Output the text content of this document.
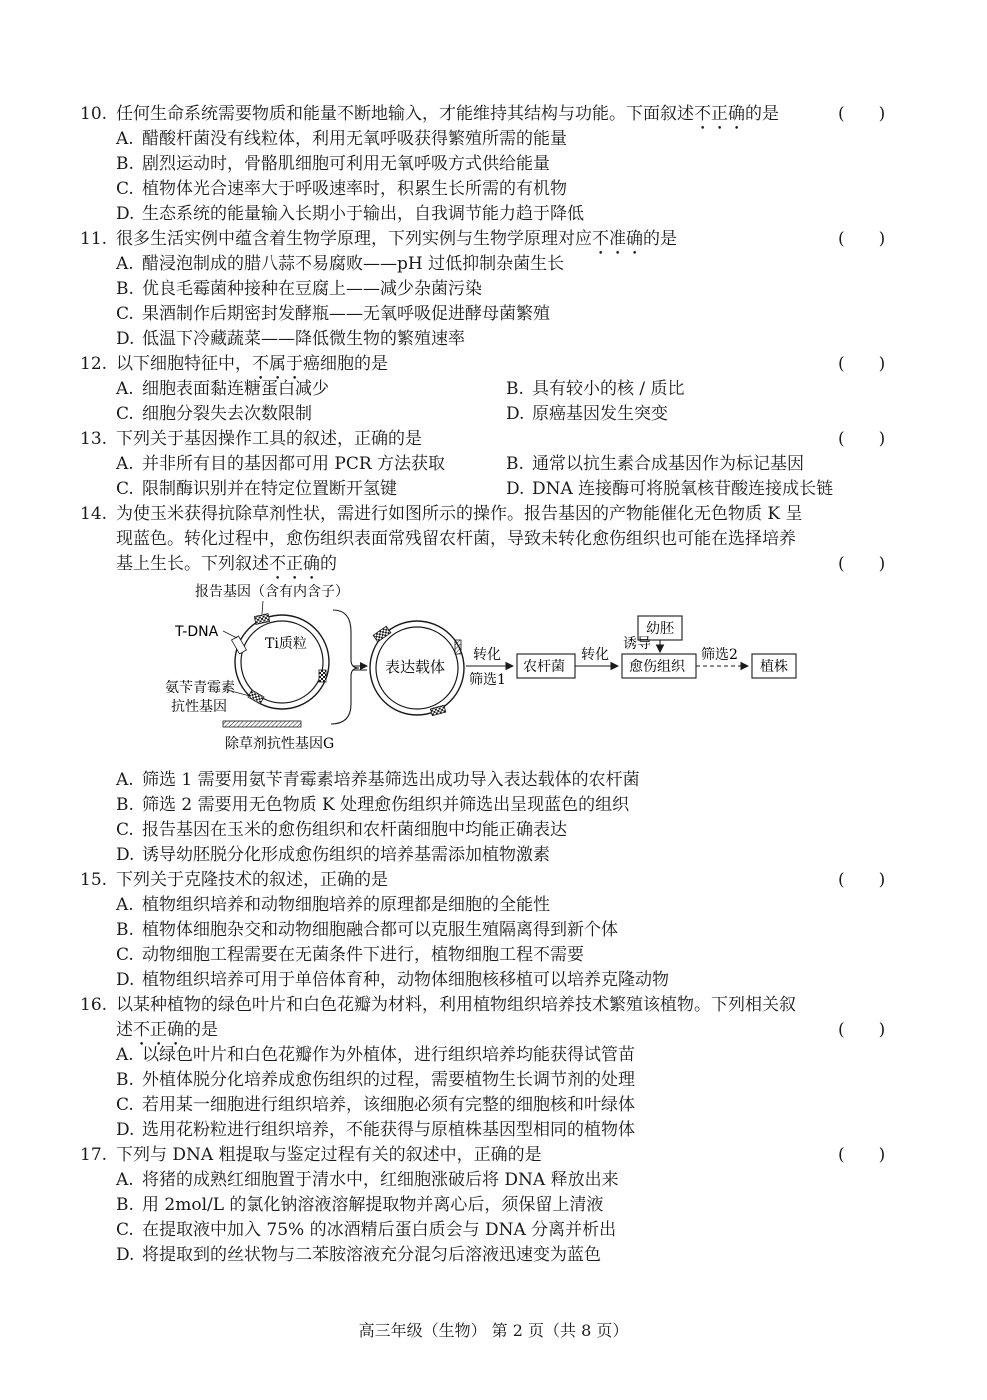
10. 任何生命系统需要物质和能量不断地输入，才能维持其结构与功能。下面叙述不正确的是	(　　)
A. 醋酸杆菌没有线粒体，利用无氧呼吸获得繁殖所需的能量
B. 剧烈运动时，骨骼肌细胞可利用无氧呼吸方式供给能量
C. 植物体光合速率大于呼吸速率时，积累生长所需的有机物
D. 生态系统的能量输入长期小于输出，自我调节能力趋于降低
11. 很多生活实例中蕴含着生物学原理，下列实例与生物学原理对应不准确的是	(　　)
A. 醋浸泡制成的腊八蒜不易腐败——pH 过低抑制杂菌生长
B. 优良毛霉菌种接种在豆腐上——减少杂菌污染
C. 果酒制作后期密封发酵瓶——无氧呼吸促进酵母菌繁殖
D. 低温下冷藏蔬菜——降低微生物的繁殖速率
12. 以下细胞特征中，不属于癌细胞的是	(　　)
A. 细胞表面黏连糖蛋白减少	B. 具有较小的核 / 质比
C. 细胞分裂失去次数限制	D. 原癌基因发生突变
13. 下列关于基因操作工具的叙述，正确的是	(　　)
A. 并非所有目的基因都可用 PCR 方法获取	B. 通常以抗生素合成基因作为标记基因
C. 限制酶识别并在特定位置断开氢键	D. DNA 连接酶可将脱氧核苷酸连接成长链
14. 为使玉米获得抗除草剂性状，需进行如图所示的操作。报告基因的产物能催化无色物质 K 呈
现蓝色。转化过程中，愈伤组织表面常残留农杆菌，导致未转化愈伤组织也可能在选择培养
基上生长。下列叙述不正确的	(　　)
Ti质粒
报告基因（含有内含子）
T-DNA
氨苄青霉素
抗性基因
除草剂抗性基因G
表达载体
转化
筛选1
农杆菌
转化
幼胚
诱导
愈伤组织
筛选2
植株
A. 筛选 1 需要用氨苄青霉素培养基筛选出成功导入表达载体的农杆菌
B. 筛选 2 需要用无色物质 K 处理愈伤组织并筛选出呈现蓝色的组织
C. 报告基因在玉米的愈伤组织和农杆菌细胞中均能正确表达
D. 诱导幼胚脱分化形成愈伤组织的培养基需添加植物激素
15. 下列关于克隆技术的叙述，正确的是	(　　)
A. 植物组织培养和动物细胞培养的原理都是细胞的全能性
B. 植物体细胞杂交和动物细胞融合都可以克服生殖隔离得到新个体
C. 动物细胞工程需要在无菌条件下进行，植物细胞工程不需要
D. 植物组织培养可用于单倍体育种，动物体细胞核移植可以培养克隆动物
16. 以某种植物的绿色叶片和白色花瓣为材料，利用植物组织培养技术繁殖该植物。下列相关叙
述不正确的是	(　　)
A. 以绿色叶片和白色花瓣作为外植体，进行组织培养均能获得试管苗
B. 外植体脱分化培养成愈伤组织的过程，需要植物生长调节剂的处理
C. 若用某一细胞进行组织培养，该细胞必须有完整的细胞核和叶绿体
D. 选用花粉粒进行组织培养，不能获得与原植株基因型相同的植物体
17. 下列与 DNA 粗提取与鉴定过程有关的叙述中，正确的是	(　　)
A. 将猪的成熟红细胞置于清水中，红细胞涨破后将 DNA 释放出来
B. 用 2mol/L 的氯化钠溶液溶解提取物并离心后，须保留上清液
C. 在提取液中加入 75% 的冰酒精后蛋白质会与 DNA 分离并析出
D. 将提取到的丝状物与二苯胺溶液充分混匀后溶液迅速变为蓝色
高三年级（生物） 第 2 页（共 8 页）
